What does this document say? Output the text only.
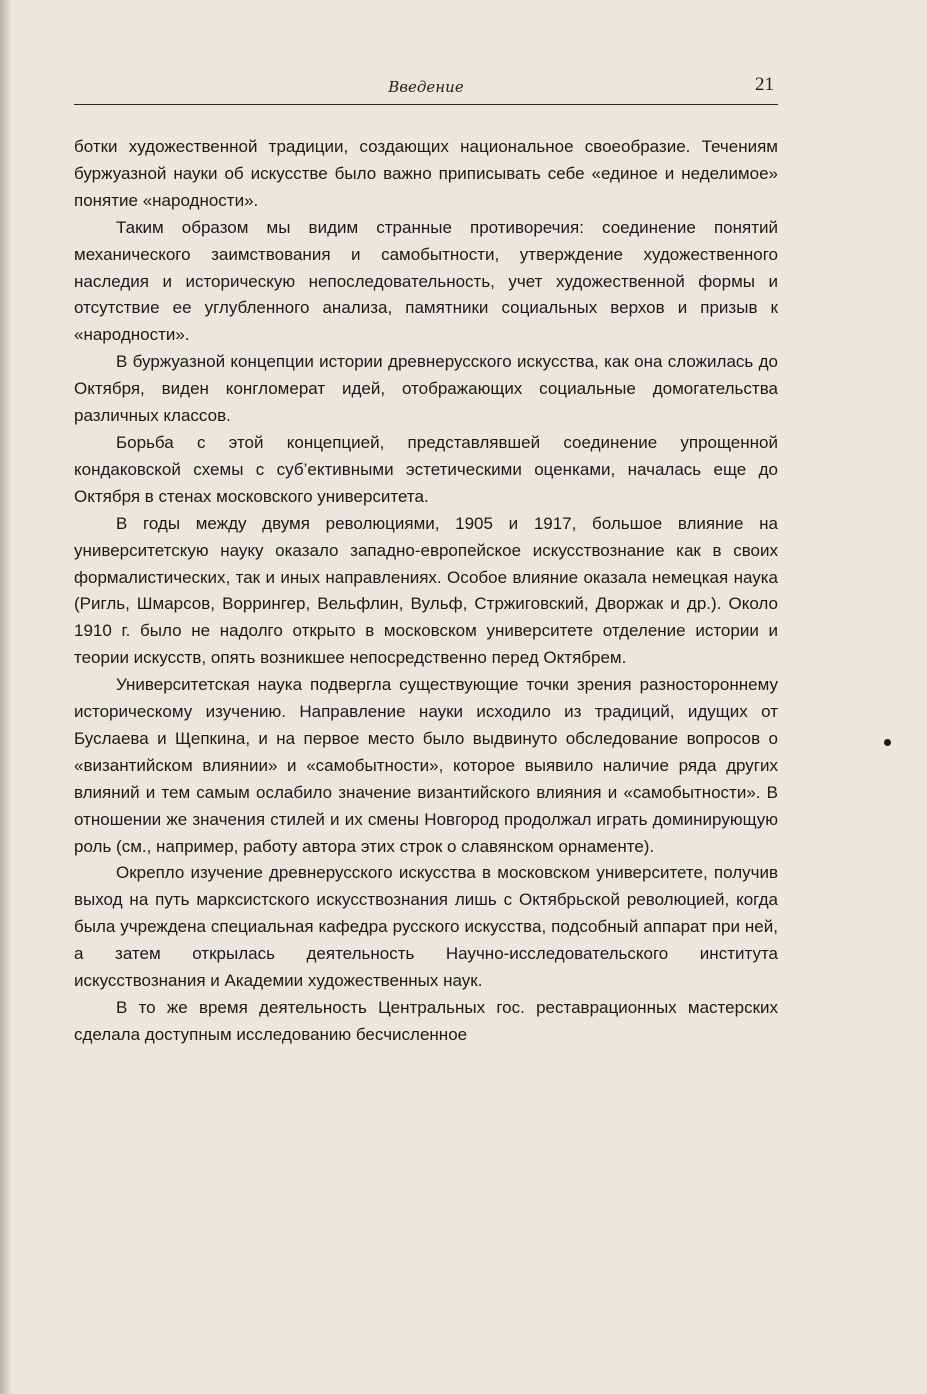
Введение	21

ботки художественной традиции, создающих национальное своеобразие. Течениям буржуазной науки об искусстве было важно приписывать себе «единое и неделимое» понятие «народности».

Таким образом мы видим странные противоречия: соединение понятий механического заимствования и самобытности, утверждение художественного наследия и историческую непоследовательность, учет художественной формы и отсутствие ее углубленного анализа, памятники социальных верхов и призыв к «народности».

В буржуазной концепции истории древнерусского искусства, как она сложилась до Октября, виден конгломерат идей, отображающих социальные домогательства различных классов.

Борьба с этой концепцией, представлявшей соединение упрощенной кондаковской схемы с суб’ективными эстетическими оценками, началась еще до Октября в стенах московского университета.

В годы между двумя революциями, 1905 и 1917, большое влияние на университетскую науку оказало западно-европейское искусствознание как в своих формалистических, так и иных направлениях. Особое влияние оказала немецкая наука (Ригль, Шмарсов, Воррингер, Вельфлин, Вульф, Стржиговский, Дворжак и др.). Около 1910 г. было не надолго открыто в московском университете отделение истории и теории искусств, опять возникшее непосредственно перед Октябрем.

Университетская наука подвергла существующие точки зрения разностороннему историческому изучению. Направление науки исходило из традиций, идущих от Буслаева и Щепкина, и на первое место было выдвинуто обследование вопросов о «византийском влиянии» и «самобытности», которое выявило наличие ряда других влияний и тем самым ослабило значение византийского влияния и «самобытности». В отношении же значения стилей и их смены Новгород продолжал играть доминирующую роль (см., например, работу автора этих строк о славянском орнаменте).

Окрепло изучение древнерусского искусства в московском университете, получив выход на путь марксистского искусствознания лишь с Октябрьской революцией, когда была учреждена специальная кафедра русского искусства, подсобный аппарат при ней, а затем открылась деятельность Научно-исследовательского института искусствознания и Академии художественных наук.

В то же время деятельность Центральных гос. реставрационных мастерских сделала доступным исследованию бесчисленное
